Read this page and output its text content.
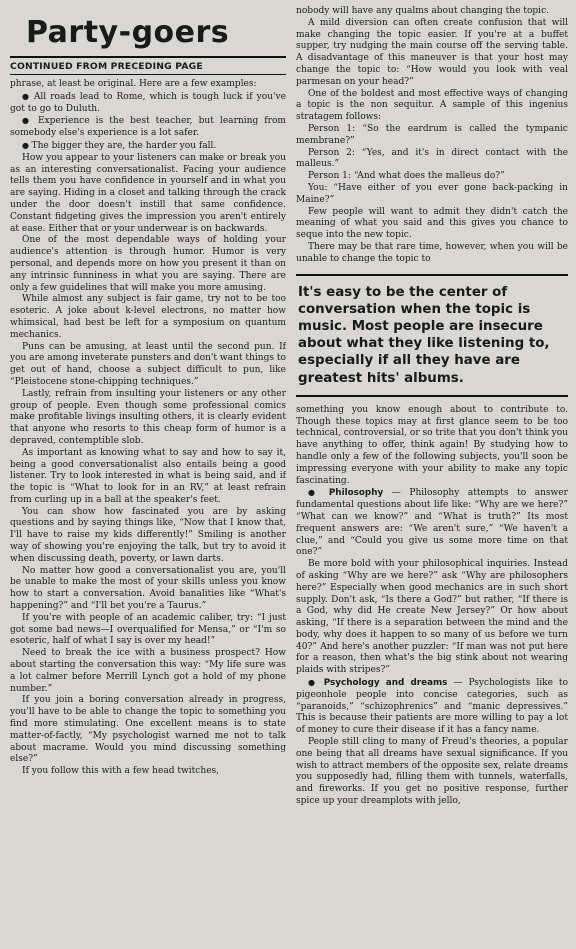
Party-goers
CONTINUED FROM PRECEDING PAGE

phrase, at least be original. Here are a few examples:

● All roads lead to Rome, which is tough luck if you've got to go to Duluth.

● Experience is the best teacher, but learning from somebody else's experience is a lot safer.

● The bigger they are, the harder you fall.

How you appear to your listeners can make or break you as an interesting conversationalist. Facing your audience tells them you have confidence in yourself and in what you are saying. Hiding in a closet and talking through the crack under the door doesn't instill that same confidence. Constant fidgeting gives the impression you aren't entirely at ease. Either that or your underwear is on backwards.

One of the most dependable ways of holding your audience's attention is through humor. Humor is very personal, and depends more on how you present it than on any intrinsic funniness in what you are saying. There are only a few guidelines that will make you more amusing.

While almost any subject is fair game, try not to be too esoteric. A joke about k-level electrons, no matter how whimsical, had best be left for a symposium on quantum mechanics.

Puns can be amusing, at least until the second pun. If you are among inveterate punsters and don't want things to get out of hand, choose a subject difficult to pun, like “Pleistocene stone-chipping techniques.”

Lastly, refrain from insulting your listeners or any other group of people. Even though some professional comics make profitable livings insulting others, it is clearly evident that anyone who resorts to this cheap form of humor is a depraved, contemptible slob.

As important as knowing what to say and how to say it, being a good conversationalist also entails being a good listener. Try to look interested in what is being said, and if the topic is “What to look for in an RV,” at least refrain from curling up in a ball at the speaker's feet.

You can show how fascinated you are by asking questions and by saying things like, “Now that I know that, I'll have to raise my kids differently!” Smiling is another way of showing you're enjoying the talk, but try to avoid it when discussing death, poverty, or lawn darts.

No matter how good a conversationalist you are, you'll be unable to make the most of your skills unless you know how to start a conversation. Avoid banalities like “What's happening?” and “I'll bet you're a Taurus.”

If you're with people of an academic caliber, try: “I just got some bad news—I overqualified for Mensa,” or “I'm so esoteric, half of what I say is over my head!”

Need to break the ice with a business prospect? How about starting the conversation this way: “My life sure was a lot calmer before Merrill Lynch got a hold of my phone number.”

If you join a boring conversation already in progress, you'll have to be able to change the topic to something you find more stimulating. One excellent means is to state matter-of-factly, “My psychologist warned me not to talk about macrame. Would you mind discussing something else?”

If you follow this with a few head twitches,

nobody will have any qualms about changing the topic.

A mild diversion can often create confusion that will make changing the topic easier. If you're at a buffet supper, try nudging the main course off the serving table. A disadvantage of this maneuver is that your host may change the topic to: “How would you look with veal parmesan on your head?”

One of the boldest and most effective ways of changing a topic is the non sequitur. A sample of this ingenius stratagem follows:

Person 1: “So the eardrum is called the tympanic membrane?”

Person 2: “Yes, and it's in direct contact with the malleus.”

Person 1: “And what does the malleus do?”

You: “Have either of you ever gone back-packing in Maine?”

Few people will want to admit they didn't catch the meaning of what you said and this gives you chance to seque into the new topic.

There may be that rare time, however, when you will be unable to change the topic to

It's easy to be the center of conversation when the topic is music. Most people are insecure about what they like listening to, especially if all they have are greatest hits' albums.

something you know enough about to contribute to. Though these topics may at first glance seem to be too technical, controversial, or so trite that you don't think you have anything to offer, think again! By studying how to handle only a few of the following subjects, you'll soon be impressing everyone with your ability to make any topic fascinating.

● Philosophy — Philosophy attempts to answer fundamental questions about life like: “Why are we here?” “What can we know?” and “What is truth?” Its most frequent answers are: “We aren't sure,” “We haven't a clue,” and “Could you give us some more time on that one?”

Be more bold with your philosophical inquiries. Instead of asking “Why are we here?” ask “Why are philosophers here?” Especially when good mechanics are in such short supply. Don't ask, “Is there a God?” but rather, “If there is a God, why did He create New Jersey?” Or how about asking, “If there is a separation between the mind and the body, why does it happen to so many of us before we turn 40?” And here's another puzzler: “If man was not put here for a reason, then what's the big stink about not wearing plaids with stripes?”

● Psychology and dreams — Psychologists like to pigeonhole people into concise categories, such as “paranoids,” “schizophrenics” and “manic depressives.” This is because their patients are more willing to pay a lot of money to cure their disease if it has a fancy name.

People still cling to many of Freud's theories, a popular one being that all dreams have sexual significance. If you wish to attract members of the opposite sex, relate dreams you supposedly had, filling them with tunnels, waterfalls, and fireworks. If you get no positive response, further spice up your dreamplots with jello,
